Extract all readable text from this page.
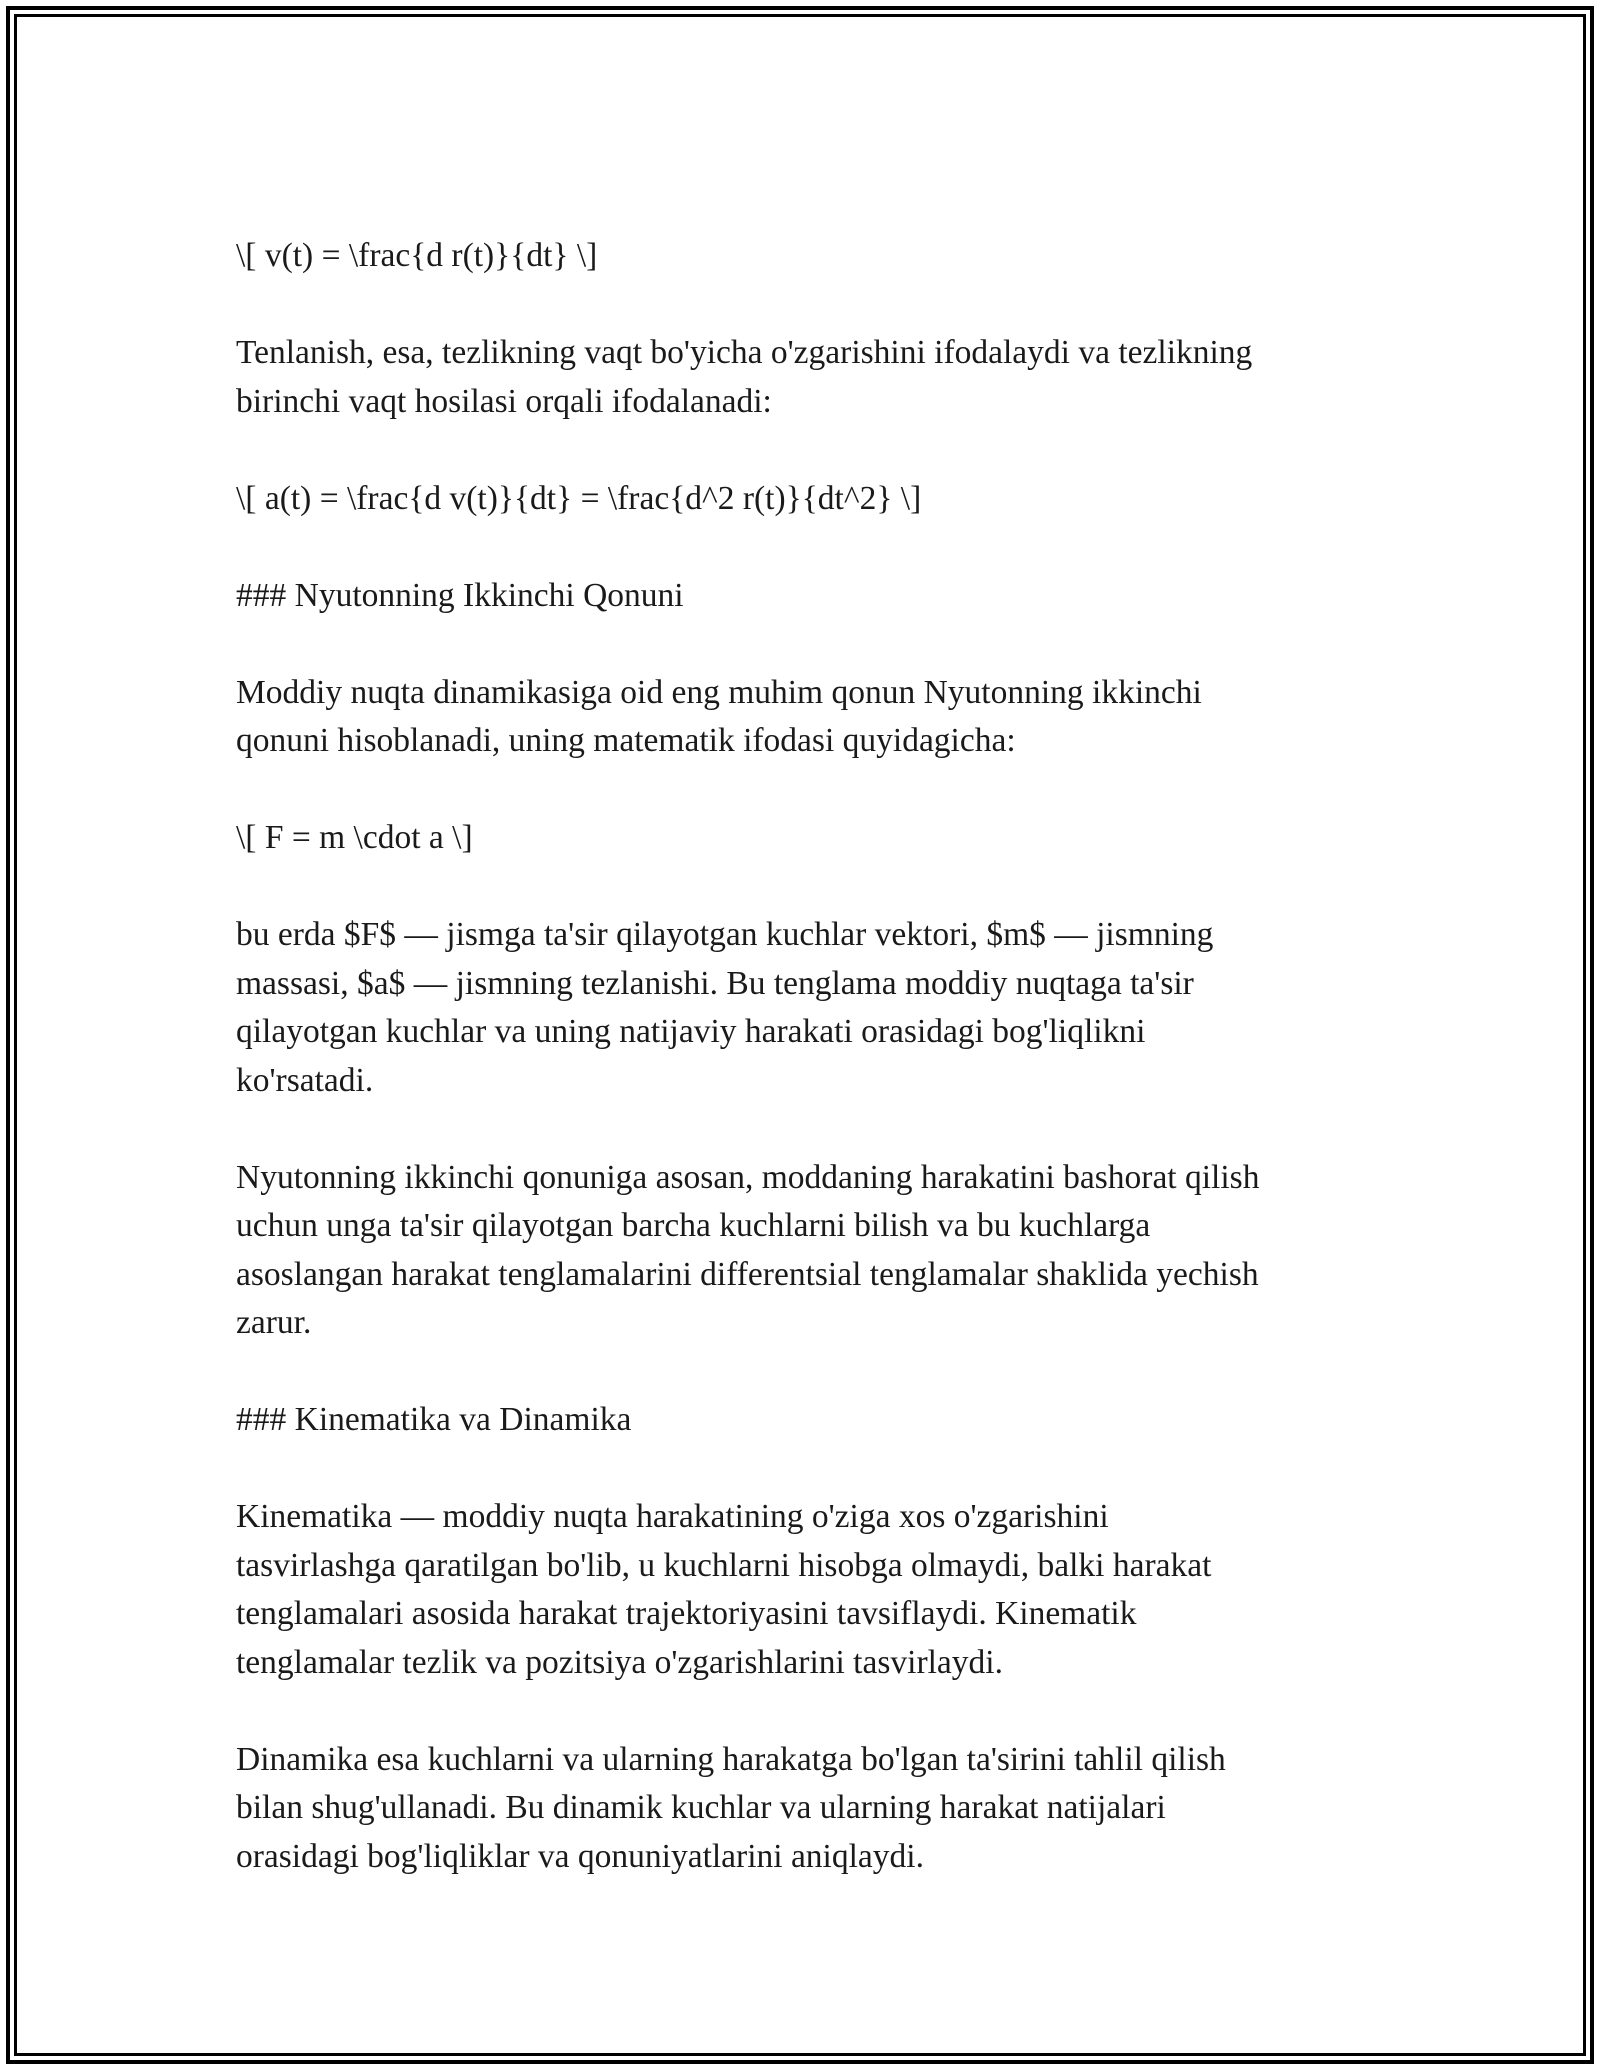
\[ v(t) = \frac{d r(t)}{dt} \]

Tenlanish, esa, tezlikning vaqt bo'yicha o'zgarishini ifodalaydi va tezlikning
birinchi vaqt hosilasi orqali ifodalanadi:

\[ a(t) = \frac{d v(t)}{dt} = \frac{d^2 r(t)}{dt^2} \]

### Nyutonning Ikkinchi Qonuni

Moddiy nuqta dinamikasiga oid eng muhim qonun Nyutonning ikkinchi
qonuni hisoblanadi, uning matematik ifodasi quyidagicha:

\[ F = m \cdot a \]

bu erda $F$ — jismga ta'sir qilayotgan kuchlar vektori, $m$ — jismning
massasi, $a$ — jismning tezlanishi. Bu tenglama moddiy nuqtaga ta'sir
qilayotgan kuchlar va uning natijaviy harakati orasidagi bog'liqlikni
ko'rsatadi.

Nyutonning ikkinchi qonuniga asosan, moddaning harakatini bashorat qilish
uchun unga ta'sir qilayotgan barcha kuchlarni bilish va bu kuchlarga
asoslangan harakat tenglamalarini differentsial tenglamalar shaklida yechish
zarur.

### Kinematika va Dinamika

Kinematika — moddiy nuqta harakatining o'ziga xos o'zgarishini
tasvirlashga qaratilgan bo'lib, u kuchlarni hisobga olmaydi, balki harakat
tenglamalari asosida harakat trajektoriyasini tavsiflaydi. Kinematik
tenglamalar tezlik va pozitsiya o'zgarishlarini tasvirlaydi.

Dinamika esa kuchlarni va ularning harakatga bo'lgan ta'sirini tahlil qilish
bilan shug'ullanadi. Bu dinamik kuchlar va ularning harakat natijalari
orasidagi bog'liqliklar va qonuniyatlarini aniqlaydi.
